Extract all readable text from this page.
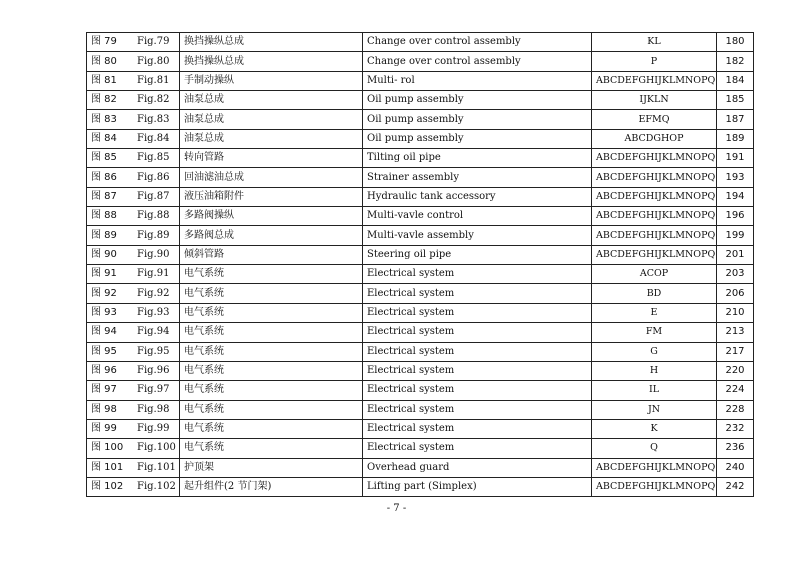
图 79	Fig.79	换挡操纵总成	Change over control assembly	KL	180
图 80	Fig.80	换挡操纵总成	Change over control assembly	P	182
图 81	Fig.81	手制动操纵	Multi- rol	ABCDEFGHIJKLMNOPQ	184
图 82	Fig.82	油泵总成	Oil pump assembly	IJKLN	185
图 83	Fig.83	油泵总成	Oil pump assembly	EFMQ	187
图 84	Fig.84	油泵总成	Oil pump assembly	ABCDGHOP	189
图 85	Fig.85	转向管路	Tilting oil pipe	ABCDEFGHIJKLMNOPQ	191
图 86	Fig.86	回油滤油总成	Strainer assembly	ABCDEFGHIJKLMNOPQ	193
图 87	Fig.87	液压油箱附件	Hydraulic tank accessory	ABCDEFGHIJKLMNOPQ	194
图 88	Fig.88	多路阀操纵	Multi-vavle control	ABCDEFGHIJKLMNOPQ	196
图 89	Fig.89	多路阀总成	Multi-vavle assembly	ABCDEFGHIJKLMNOPQ	199
图 90	Fig.90	倾斜管路	Steering oil pipe	ABCDEFGHIJKLMNOPQ	201
图 91	Fig.91	电气系统	Electrical system	ACOP	203
图 92	Fig.92	电气系统	Electrical system	BD	206
图 93	Fig.93	电气系统	Electrical system	E	210
图 94	Fig.94	电气系统	Electrical system	FM	213
图 95	Fig.95	电气系统	Electrical system	G	217
图 96	Fig.96	电气系统	Electrical system	H	220
图 97	Fig.97	电气系统	Electrical system	IL	224
图 98	Fig.98	电气系统	Electrical system	JN	228
图 99	Fig.99	电气系统	Electrical system	K	232
图 100	Fig.100	电气系统	Electrical system	Q	236
图 101	Fig.101	护顶架	Overhead guard	ABCDEFGHIJKLMNOPQ	240
图 102	Fig.102	起升组件(2 节门架)	Lifting part (Simplex)	ABCDEFGHIJKLMNOPQ	242
- 7 -
